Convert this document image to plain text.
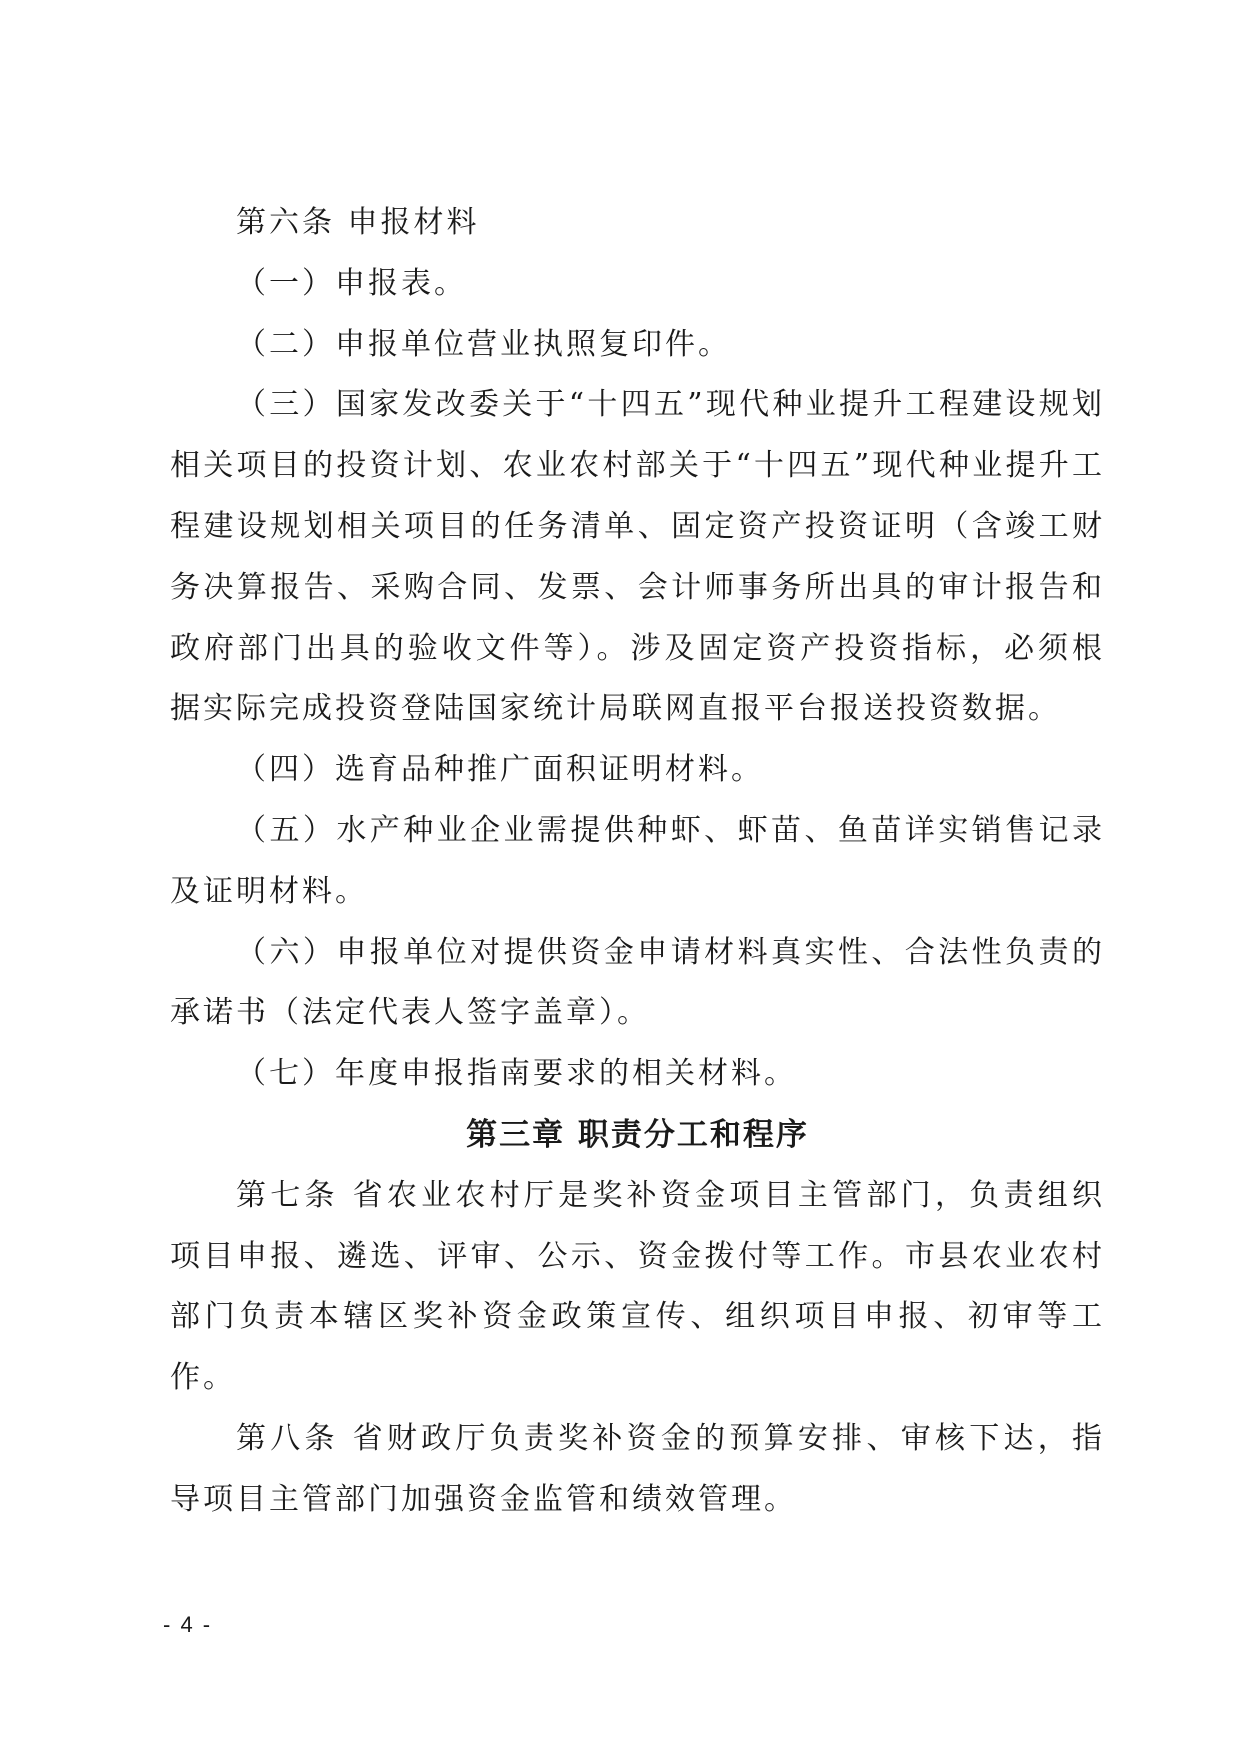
第六条 申报材料

（一）申报表。

（二）申报单位营业执照复印件。

（三）国家发改委关于“十四五”现代种业提升工程建设规划相关项目的投资计划、农业农村部关于“十四五”现代种业提升工程建设规划相关项目的任务清单、固定资产投资证明（含竣工财务决算报告、采购合同、发票、会计师事务所出具的审计报告和政府部门出具的验收文件等）。涉及固定资产投资指标，必须根据实际完成投资登陆国家统计局联网直报平台报送投资数据。

（四）选育品种推广面积证明材料。

（五）水产种业企业需提供种虾、虾苗、鱼苗详实销售记录及证明材料。

（六）申报单位对提供资金申请材料真实性、合法性负责的承诺书（法定代表人签字盖章）。

（七）年度申报指南要求的相关材料。

第三章 职责分工和程序

第七条 省农业农村厅是奖补资金项目主管部门，负责组织项目申报、遴选、评审、公示、资金拨付等工作。市县农业农村部门负责本辖区奖补资金政策宣传、组织项目申报、初审等工作。

第八条 省财政厅负责奖补资金的预算安排、审核下达，指导项目主管部门加强资金监管和绩效管理。

- 4 -
